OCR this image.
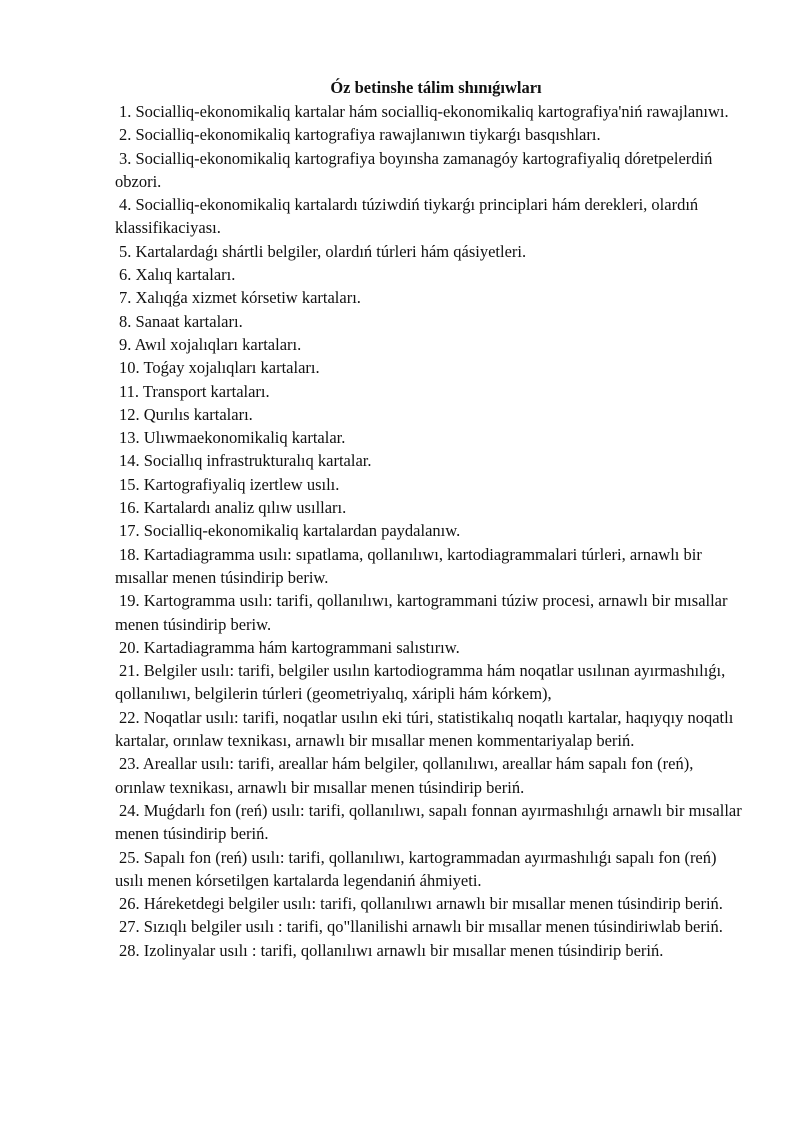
Óz betinshe tálim shınıǵıwları
1. Socialliq-ekonomikaliq kartalar hám socialliq-ekonomikaliq kartografiya'niń rawajlanıwı.
2. Socialliq-ekonomikaliq kartografiya rawajlanıwın tiykarǵı basqıshları.
3. Socialliq-ekonomikaliq kartografiya boyınsha zamanagóy kartografiyaliq dóretpelerdiń obzori.
4. Socialliq-ekonomikaliq kartalardı túziwdiń tiykarǵı principlari hám derekleri, olardıń klassifikaciyası.
5. Kartalardaǵı shártli belgiler, olardıń túrleri hám qásiyetleri.
6. Xalıq kartaları.
7. Xalıqǵa xizmet kórsetiw kartaları.
8. Sanaat kartaları.
9. Awıl xojalıqları kartaları.
10. Toǵay xojalıqları kartaları.
11. Transport kartaları.
12. Qurılıs kartaları.
13. Ulıwmaekonomikaliq kartalar.
14. Sociallıq infrastrukturalıq kartalar.
15. Kartografiyaliq izertlew usılı.
16. Kartalardı analiz qılıw usılları.
17. Socialliq-ekonomikaliq kartalardan paydalanıw.
18. Kartadiagramma usılı: sıpatlama, qollanılıwı, kartodiagrammalari túrleri, arnawlı bir mısallar menen túsindirip beriw.
19. Kartogramma usılı: tarifi, qollanılıwı, kartogrammani túziw procesi, arnawlı bir mısallar menen túsindirip beriw.
20. Kartadiagramma hám kartogrammani salıstırıw.
21. Belgiler usılı: tarifi, belgiler usılın kartodiogramma hám noqatlar usılınan ayırmashılıǵı, qollanılıwı, belgilerin túrleri (geometriyalıq, xáripli hám kórkem),
22. Noqatlar usılı: tarifi, noqatlar usılın eki túri, statistikalıq noqatlı kartalar, haqıyqıy noqatlı kartalar, orınlaw texnikası, arnawlı bir mısallar menen kommentariyalap beriń.
23. Areallar usılı: tarifi, areallar hám belgiler, qollanılıwı, areallar hám sapalı fon (reń), orınlaw texnikası, arnawlı bir mısallar menen túsindirip beriń.
24. Muǵdarlı fon (reń) usılı: tarifi, qollanılıwı, sapalı fonnan ayırmashılıǵı arnawlı bir mısallar menen túsindirip beriń.
25. Sapalı fon (reń) usılı: tarifi, qollanılıwı, kartogrammadan ayırmashılıǵı sapalı fon (reń) usılı menen kórsetilgen kartalarda legendaniń áhmiyeti.
26. Háreketdegi belgiler usılı: tarifi, qollanılıwı arnawlı bir mısallar menen túsindirip beriń.
27. Sızıqlı belgiler usılı : tarifi, qo"llanilishi arnawlı bir mısallar menen túsindiriwlab beriń.
28. Izolinyalar usılı : tarifi, qollanılıwı arnawlı bir mısallar menen túsindirip beriń.
